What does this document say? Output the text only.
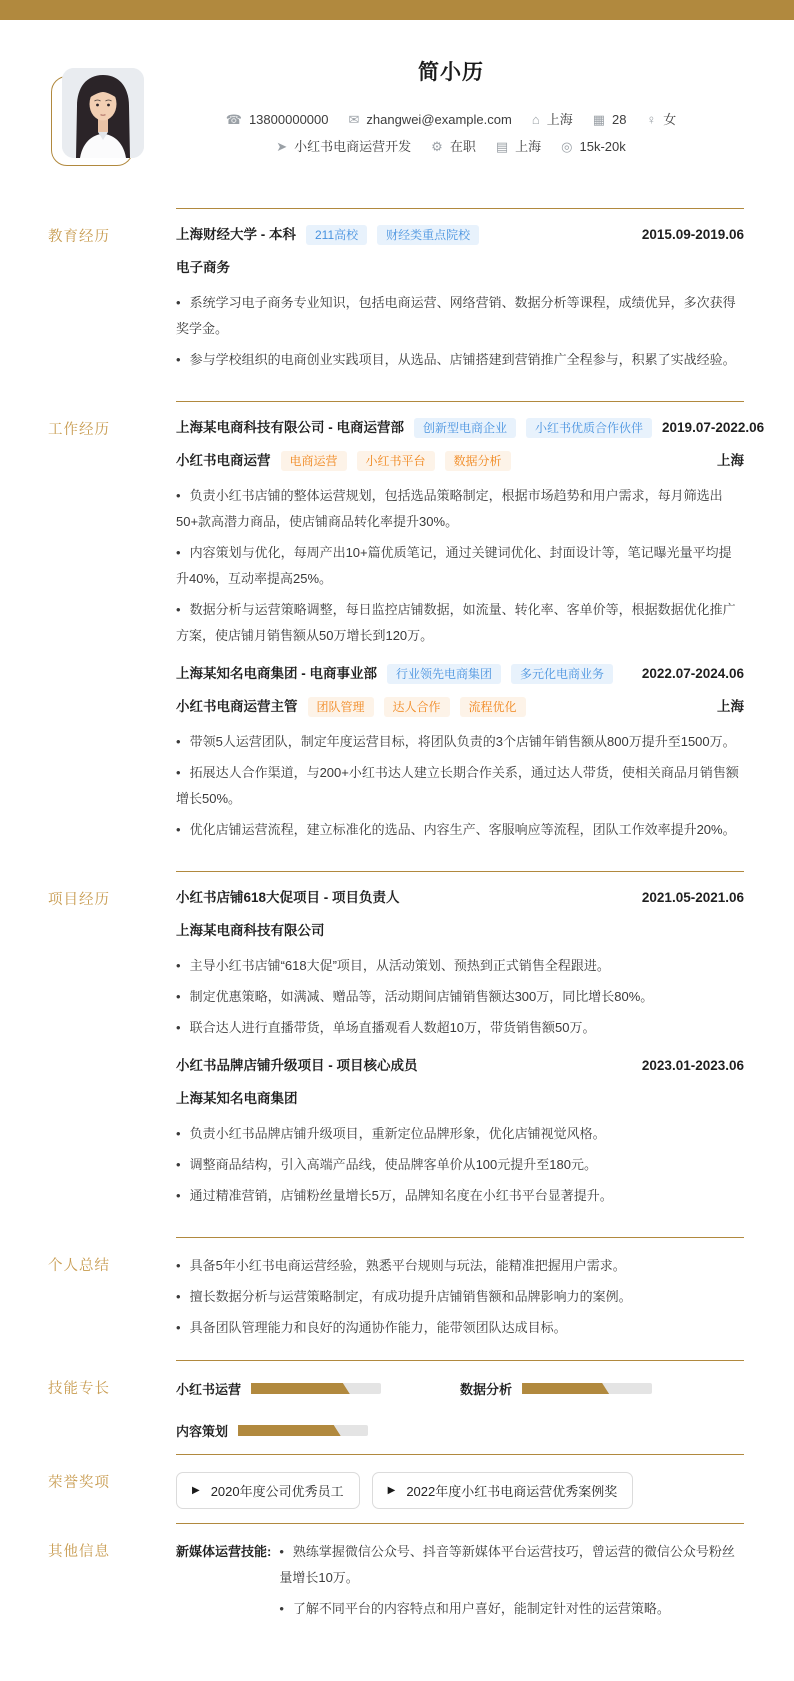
简小历
☎ 13800000000 ✉ zhangwei@example.com ⌂ 上海 ▦ 28 ♀ 女
➤ 小红书电商运营开发 ⚙ 在职 ▤ 上海 ◎ 15k-20k
教育经历	上海财经大学 - 本科	211高校	财经类重点院校	2015.09-2019.06
电子商务

• 系统学习电子商务专业知识，包括电商运营、网络营销、数据分析等课程，成绩优异，多次获得奖学金。

• 参与学校组织的电商创业实践项目，从选品、店铺搭建到营销推广全程参与，积累了实战经验。

工作经历	上海某电商科技有限公司 - 电商运营部	创新型电商企业	小红书优质合作伙伴	2019.07-2022.06
小红书电商运营	电商运营	小红书平台	数据分析	上海

• 负责小红书店铺的整体运营规划，包括选品策略制定，根据市场趋势和用户需求，每月筛选出50+款高潜力商品，使店铺商品转化率提升30%。

• 内容策划与优化，每周产出10+篇优质笔记，通过关键词优化、封面设计等，笔记曝光量平均提升40%，互动率提高25%。

• 数据分析与运营策略调整，每日监控店铺数据，如流量、转化率、客单价等，根据数据优化推广方案，使店铺月销售额从50万增长到120万。

上海某知名电商集团 - 电商事业部	行业领先电商集团	多元化电商业务	2022.07-2024.06
小红书电商运营主管	团队管理	达人合作	流程优化	上海

• 带领5人运营团队，制定年度运营目标，将团队负责的3个店铺年销售额从800万提升至1500万。

• 拓展达人合作渠道，与200+小红书达人建立长期合作关系，通过达人带货，使相关商品月销售额增长50%。

• 优化店铺运营流程，建立标准化的选品、内容生产、客服响应等流程，团队工作效率提升20%。

项目经历	小红书店铺618大促项目 - 项目负责人	2021.05-2021.06
上海某电商科技有限公司

• 主导小红书店铺“618大促”项目，从活动策划、预热到正式销售全程跟进。

• 制定优惠策略，如满减、赠品等，活动期间店铺销售额达300万，同比增长80%。

• 联合达人进行直播带货，单场直播观看人数超10万，带货销售额50万。

小红书品牌店铺升级项目 - 项目核心成员	2023.01-2023.06
上海某知名电商集团

• 负责小红书品牌店铺升级项目，重新定位品牌形象，优化店铺视觉风格。

• 调整商品结构，引入高端产品线，使品牌客单价从100元提升至180元。

• 通过精准营销，店铺粉丝量增长5万，品牌知名度在小红书平台显著提升。

个人总结	• 具备5年小红书电商运营经验，熟悉平台规则与玩法，能精准把握用户需求。

• 擅长数据分析与运营策略制定，有成功提升店铺销售额和品牌影响力的案例。

• 具备团队管理能力和良好的沟通协作能力，能带领团队达成目标。

技能专长	小红书运营	数据分析
内容策划
荣誉奖项	▶ 2020年度公司优秀员工	▶ 2022年度小红书电商运营优秀案例奖
其他信息	新媒体运营技能:	• 熟练掌握微信公众号、抖音等新媒体平台运营技巧，曾运营的微信公众号粉丝量增长10万。

• 了解不同平台的内容特点和用户喜好，能制定针对性的运营策略。
